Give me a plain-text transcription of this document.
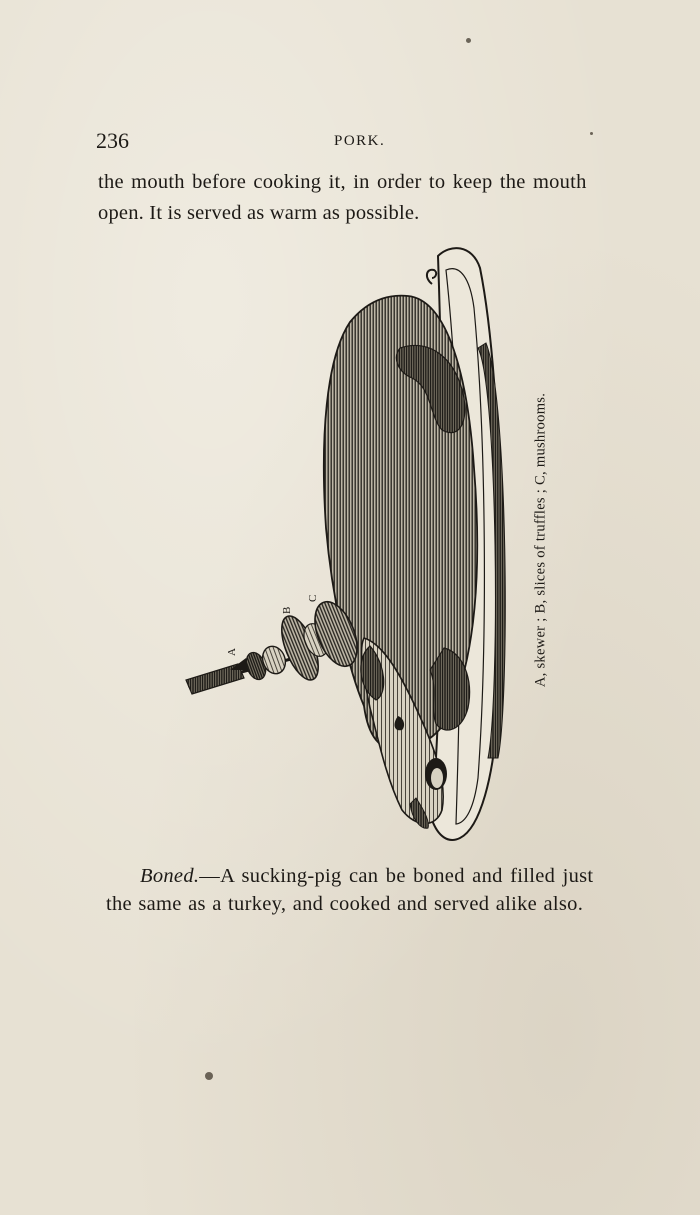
236	PORK.
the mouth before cooking it, in order to keep the mouth
open. It is served as warm as possible.
A
B
C	A, skewer ; B, slices of truffles ; C, mushrooms.
Boned.—A sucking-pig can be boned and filled just
the same as a turkey, and cooked and served alike also.
